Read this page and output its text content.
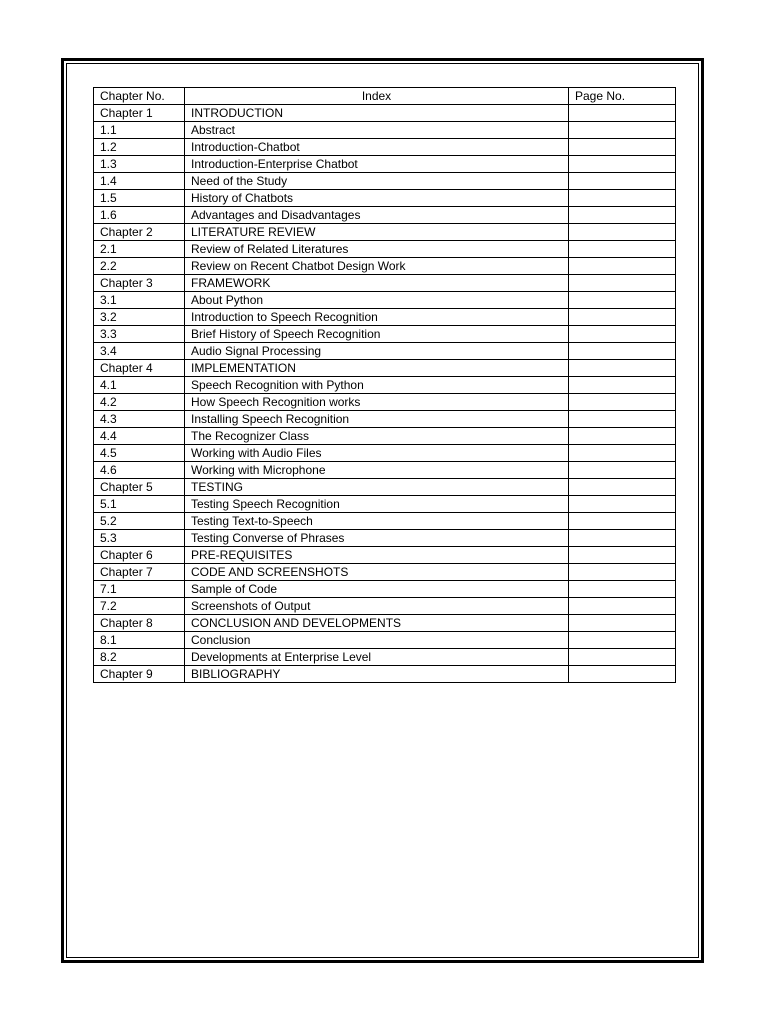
Chapter No.	Index	Page No.
Chapter 1	INTRODUCTION	
1.1	Abstract	
1.2	Introduction-Chatbot	
1.3	Introduction-Enterprise Chatbot	
1.4	Need of the Study	
1.5	History of Chatbots	
1.6	Advantages and Disadvantages	
Chapter 2	LITERATURE REVIEW	
2.1	Review of Related Literatures	
2.2	Review on Recent Chatbot Design Work	
Chapter 3	FRAMEWORK	
3.1	About Python	
3.2	Introduction to Speech Recognition	
3.3	Brief History of Speech Recognition	
3.4	Audio Signal Processing	
Chapter 4	IMPLEMENTATION	
4.1	Speech Recognition with Python	
4.2	How Speech Recognition works	
4.3	Installing Speech Recognition	
4.4	The Recognizer Class	
4.5	Working with Audio Files	
4.6	Working with Microphone	
Chapter 5	TESTING	
5.1	Testing Speech Recognition	
5.2	Testing Text-to-Speech	
5.3	Testing Converse of Phrases	
Chapter 6	PRE-REQUISITES	
Chapter 7	CODE AND SCREENSHOTS	
7.1	Sample of Code	
7.2	Screenshots of Output	
Chapter 8	CONCLUSION AND DEVELOPMENTS	
8.1	Conclusion	
8.2	Developments at Enterprise Level	
Chapter 9	BIBLIOGRAPHY	
